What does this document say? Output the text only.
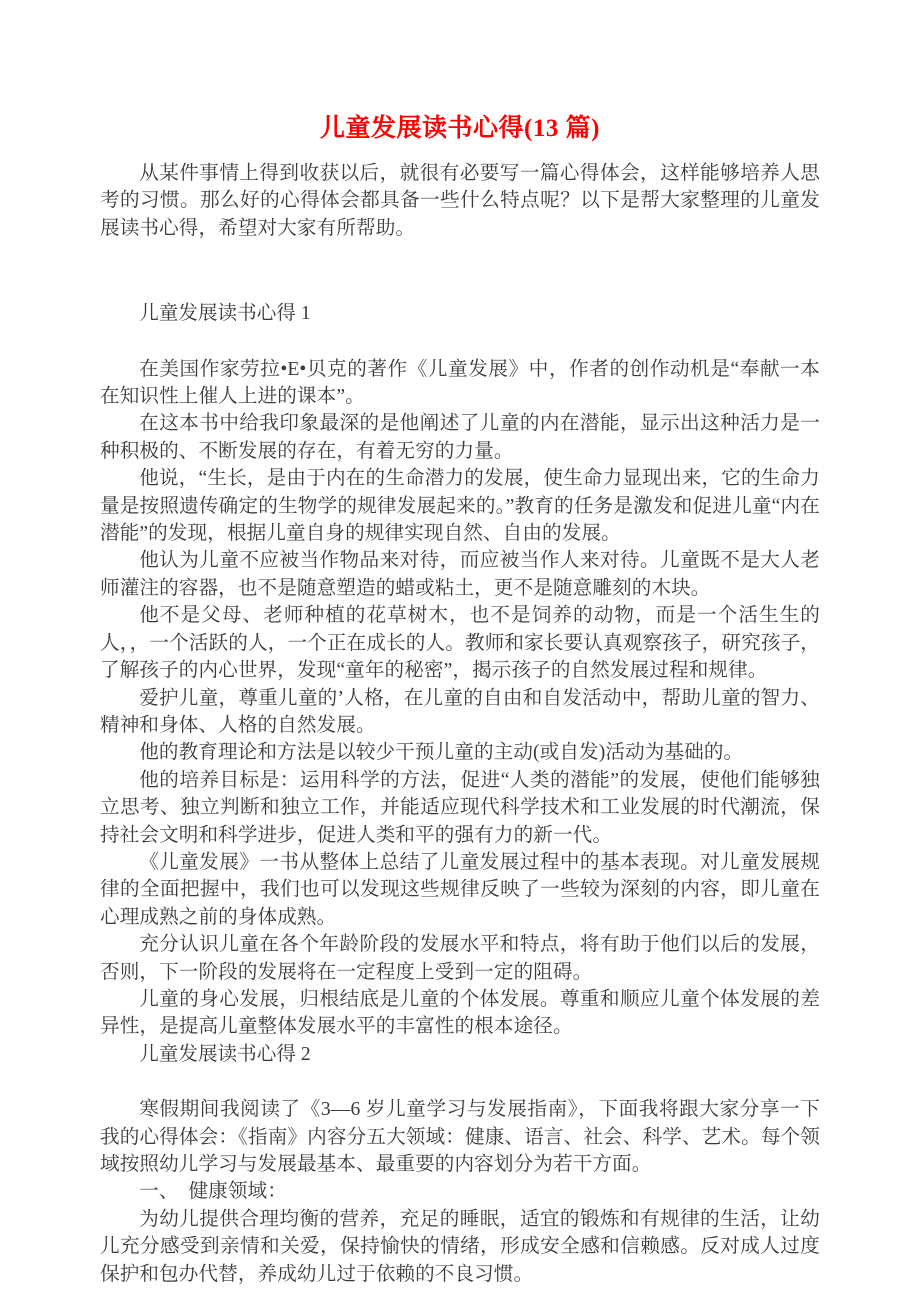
儿童发展读书心得(13 篇)

从某件事情上得到收获以后，就很有必要写一篇心得体会，这样能够培养人思考的习惯。那么好的心得体会都具备一些什么特点呢？以下是帮大家整理的儿童发展读书心得，希望对大家有所帮助。

儿童发展读书心得 1

在美国作家劳拉•E•贝克的著作《儿童发展》中，作者的创作动机是“奉献一本在知识性上催人上进的课本”。

在这本书中给我印象最深的是他阐述了儿童的内在潜能，显示出这种活力是一种积极的、不断发展的存在，有着无穷的力量。

他说，“生长，是由于内在的生命潜力的发展，使生命力显现出来，它的生命力量是按照遗传确定的生物学的规律发展起来的。”教育的任务是激发和促进儿童“内在潜能”的发现，根据儿童自身的规律实现自然、自由的发展。

他认为儿童不应被当作物品来对待，而应被当作人来对待。儿童既不是大人老师灌注的容器，也不是随意塑造的蜡或粘土，更不是随意雕刻的木块。

他不是父母、老师种植的花草树木，也不是饲养的动物，而是一个活生生的人，，一个活跃的人，一个正在成长的人。教师和家长要认真观察孩子，研究孩子，了解孩子的内心世界，发现“童年的秘密”，揭示孩子的自然发展过程和规律。

爱护儿童，尊重儿童的’人格，在儿童的自由和自发活动中，帮助儿童的智力、精神和身体、人格的自然发展。

他的教育理论和方法是以较少干预儿童的主动(或自发)活动为基础的。

他的培养目标是：运用科学的方法，促进“人类的潜能”的发展，使他们能够独立思考、独立判断和独立工作，并能适应现代科学技术和工业发展的时代潮流，保持社会文明和科学进步，促进人类和平的强有力的新一代。

《儿童发展》一书从整体上总结了儿童发展过程中的基本表现。对儿童发展规律的全面把握中，我们也可以发现这些规律反映了一些较为深刻的内容，即儿童在心理成熟之前的身体成熟。

充分认识儿童在各个年龄阶段的发展水平和特点，将有助于他们以后的发展，否则，下一阶段的发展将在一定程度上受到一定的阻碍。

儿童的身心发展，归根结底是儿童的个体发展。尊重和顺应儿童个体发展的差异性，是提高儿童整体发展水平的丰富性的根本途径。

儿童发展读书心得 2

寒假期间我阅读了《3—6 岁儿童学习与发展指南》，下面我将跟大家分享一下我的心得体会：《指南》内容分五大领域：健康、语言、社会、科学、艺术。每个领域按照幼儿学习与发展最基本、最重要的内容划分为若干方面。

一、　健康领域：

为幼儿提供合理均衡的营养，充足的睡眠，适宜的锻炼和有规律的生活，让幼儿充分感受到亲情和关爱，保持愉快的情绪，形成安全感和信赖感。反对成人过度保护和包办代替，养成幼儿过于依赖的不良习惯。
